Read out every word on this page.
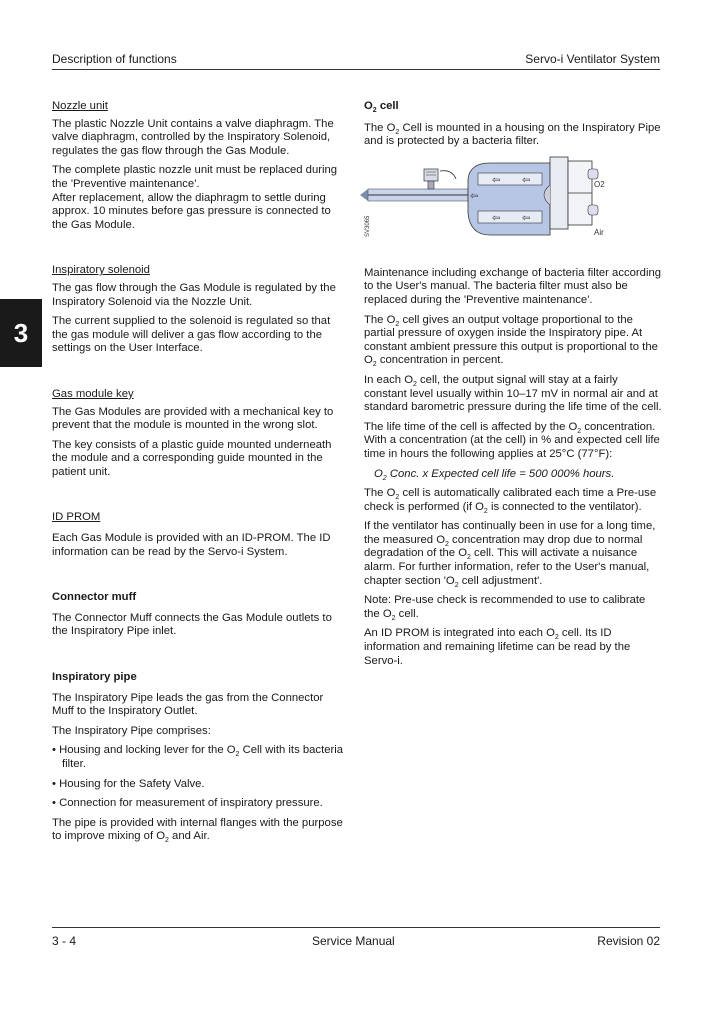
Description of functions	Servo-i Ventilator System
3

Nozzle unit

The plastic Nozzle Unit contains a valve diaphragm. The valve diaphragm, controlled by the Inspiratory Solenoid, regulates the gas flow through the Gas Module.

The complete plastic nozzle unit must be replaced during the 'Preventive maintenance'.

After replacement, allow the diaphragm to settle during approx. 10 minutes before gas pressure is connected to the Gas Module.

Inspiratory solenoid

The gas flow through the Gas Module is regulated by the Inspiratory Solenoid via the Nozzle Unit.

The current supplied to the solenoid is regulated so that the gas module will deliver a gas flow according to the settings on the User Interface.

Gas module key

The Gas Modules are provided with a mechanical key to prevent that the module is mounted in the wrong slot.

The key consists of a plastic guide mounted underneath the module and a corresponding guide mounted in the patient unit.

ID PROM

Each Gas Module is provided with an ID-PROM. The ID information can be read by the Servo-i System.

Connector muff

The Connector Muff connects the Gas Module outlets to the Inspiratory Pipe inlet.

Inspiratory pipe

The Inspiratory Pipe leads the gas from the Connector Muff to the Inspiratory Outlet.

The Inspiratory Pipe comprises:

• Housing and locking lever for the $O_2$ Cell with its bacteria filter.

• Housing for the Safety Valve.

• Connection for measurement of inspiratory pressure.

The pipe is provided with internal flanges with the purpose to improve mixing of $O_2$ and Air.

$O_2$ cell

The $O_2$ Cell is mounted in a housing on the Inspiratory Pipe and is protected by a bacteria filter.

⇦ ⇦
⇦ ⇦
⇦
O2
Air
SV3065

Maintenance including exchange of bacteria filter according to the User's manual. The bacteria filter must also be replaced during the 'Preventive maintenance'.

The $O_2$ cell gives an output voltage proportional to the partial pressure of oxygen inside the Inspiratory pipe. At constant ambient pressure this output is proportional to the $O_2$ concentration in percent.

In each $O_2$ cell, the output signal will stay at a fairly constant level usually within 10–17 mV in normal air and at standard barometric pressure during the life time of the cell.

The life time of the cell is affected by the $O_2$ concentration. With a concentration (at the cell) in % and expected cell life time in hours the following applies at 25°C (77°F):

$O_2$ Conc. x Expected cell life = 500 000% hours.

The $O_2$ cell is automatically calibrated each time a Pre-use check is performed (if $O_2$ is connected to the ventilator).

If the ventilator has continually been in use for a long time, the measured $O_2$ concentration may drop due to normal degradation of the $O_2$ cell. This will activate a nuisance alarm. For further information, refer to the User's manual, chapter section '$O_2$ cell adjustment'.

Note: Pre-use check is recommended to use to calibrate the $O_2$ cell.

An ID PROM is integrated into each $O_2$ cell. Its ID information and remaining lifetime can be read by the Servo-i.

3 - 4	Service Manual	Revision 02
